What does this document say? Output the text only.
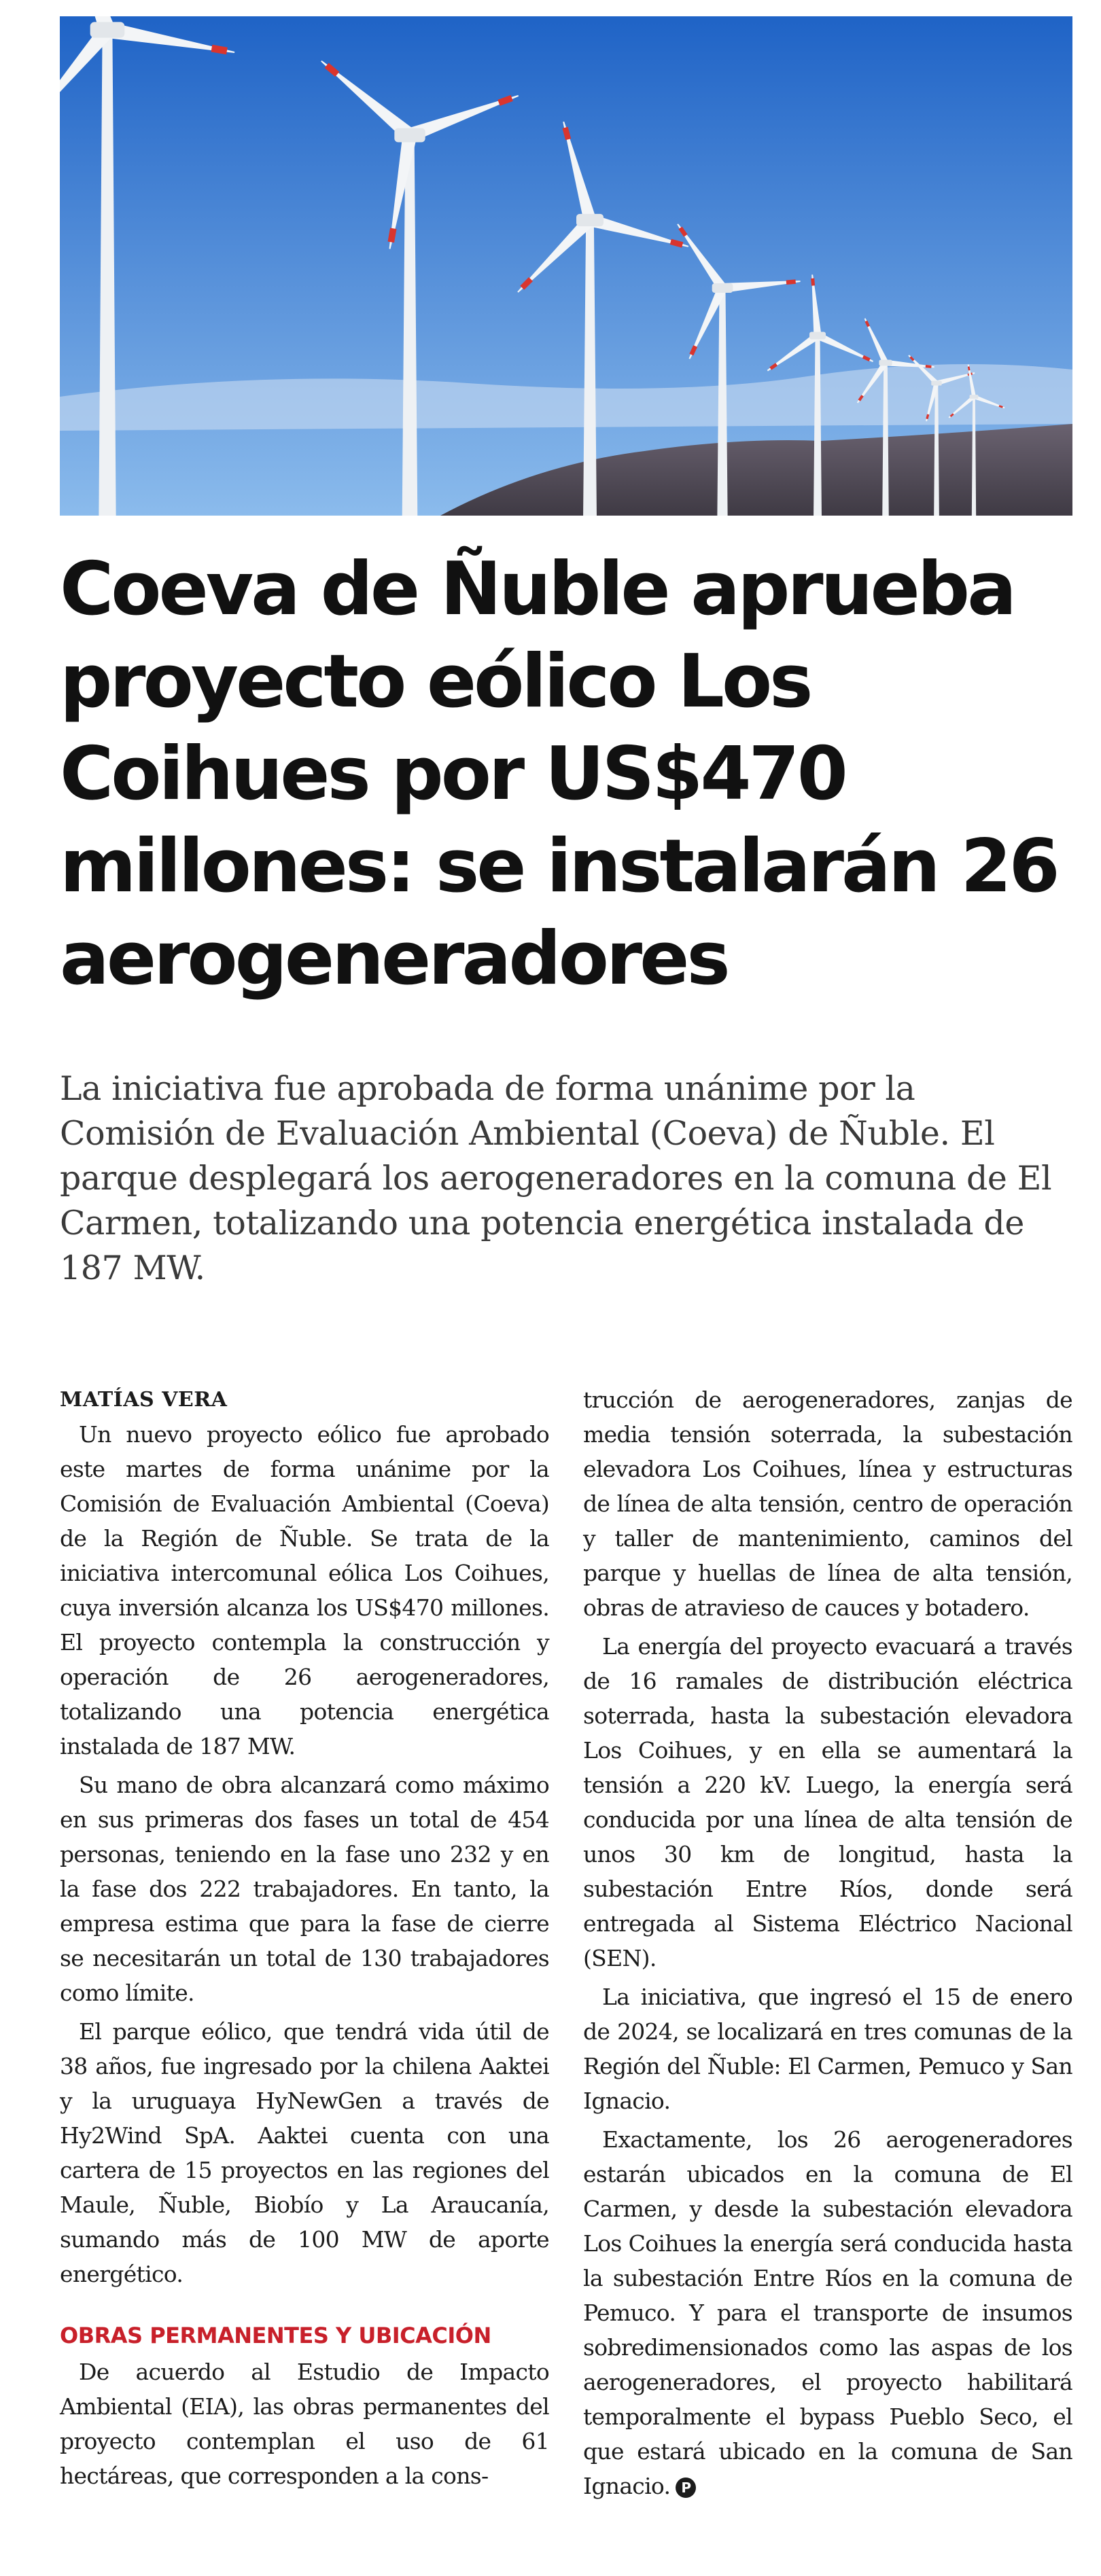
Coeva de Ñuble aprueba proyecto eólico Los Coihues por US$470 millones: se instalarán 26 aerogeneradores

La iniciativa fue aprobada de forma unánime por la Comisión de Evaluación Ambiental (Coeva) de Ñuble. El parque desplegará los aerogeneradores en la comuna de El Carmen, totalizando una potencia energética instalada de 187 MW.

MATÍAS VERA

Un nuevo proyecto eólico fue aprobado este martes de forma unánime por la Comisión de Evaluación Ambiental (Coeva) de la Región de Ñuble. Se trata de la iniciativa intercomunal eólica Los Coihues, cuya inversión alcanza los US$470 millones. El proyecto contempla la construcción y operación de 26 aerogeneradores, totalizando una potencia energética instalada de 187 MW.

Su mano de obra alcanzará como máximo en sus primeras dos fases un total de 454 personas, teniendo en la fase uno 232 y en la fase dos 222 trabajadores. En tanto, la empresa estima que para la fase de cierre se necesitarán un total de 130 trabajadores como límite.

El parque eólico, que tendrá vida útil de 38 años, fue ingresado por la chilena Aaktei y la uruguaya HyNewGen a través de Hy2Wind SpA. Aaktei cuenta con una cartera de 15 proyectos en las regiones del Maule, Ñuble, Biobío y La Araucanía, sumando más de 100 MW de aporte energético.

OBRAS PERMANENTES Y UBICACIÓN

De acuerdo al Estudio de Impacto Ambiental (EIA), las obras permanentes del proyecto contemplan el uso de 61 hectáreas, que corresponden a la cons-

trucción de aerogeneradores, zanjas de media tensión soterrada, la subestación elevadora Los Coihues, línea y estructuras de línea de alta tensión, centro de operación y taller de mantenimiento, caminos del parque y huellas de línea de alta tensión, obras de atravieso de cauces y botadero.

La energía del proyecto evacuará a través de 16 ramales de distribución eléctrica soterrada, hasta la subestación elevadora Los Coihues, y en ella se aumentará la tensión a 220 kV. Luego, la energía será conducida por una línea de alta tensión de unos 30 km de longitud, hasta la subestación Entre Ríos, donde será entregada al Sistema Eléctrico Nacional (SEN).

La iniciativa, que ingresó el 15 de enero de 2024, se localizará en tres comunas de la Región del Ñuble: El Carmen, Pemuco y San Ignacio.

Exactamente, los 26 aerogeneradores estarán ubicados en la comuna de El Carmen, y desde la subestación elevadora Los Coihues la energía será conducida hasta la subestación Entre Ríos en la comuna de Pemuco. Y para el transporte de insumos sobredimensionados como las aspas de los aerogeneradores, el proyecto habilitará temporalmente el bypass Pueblo Seco, el que estará ubicado en la comuna de San Ignacio. P
